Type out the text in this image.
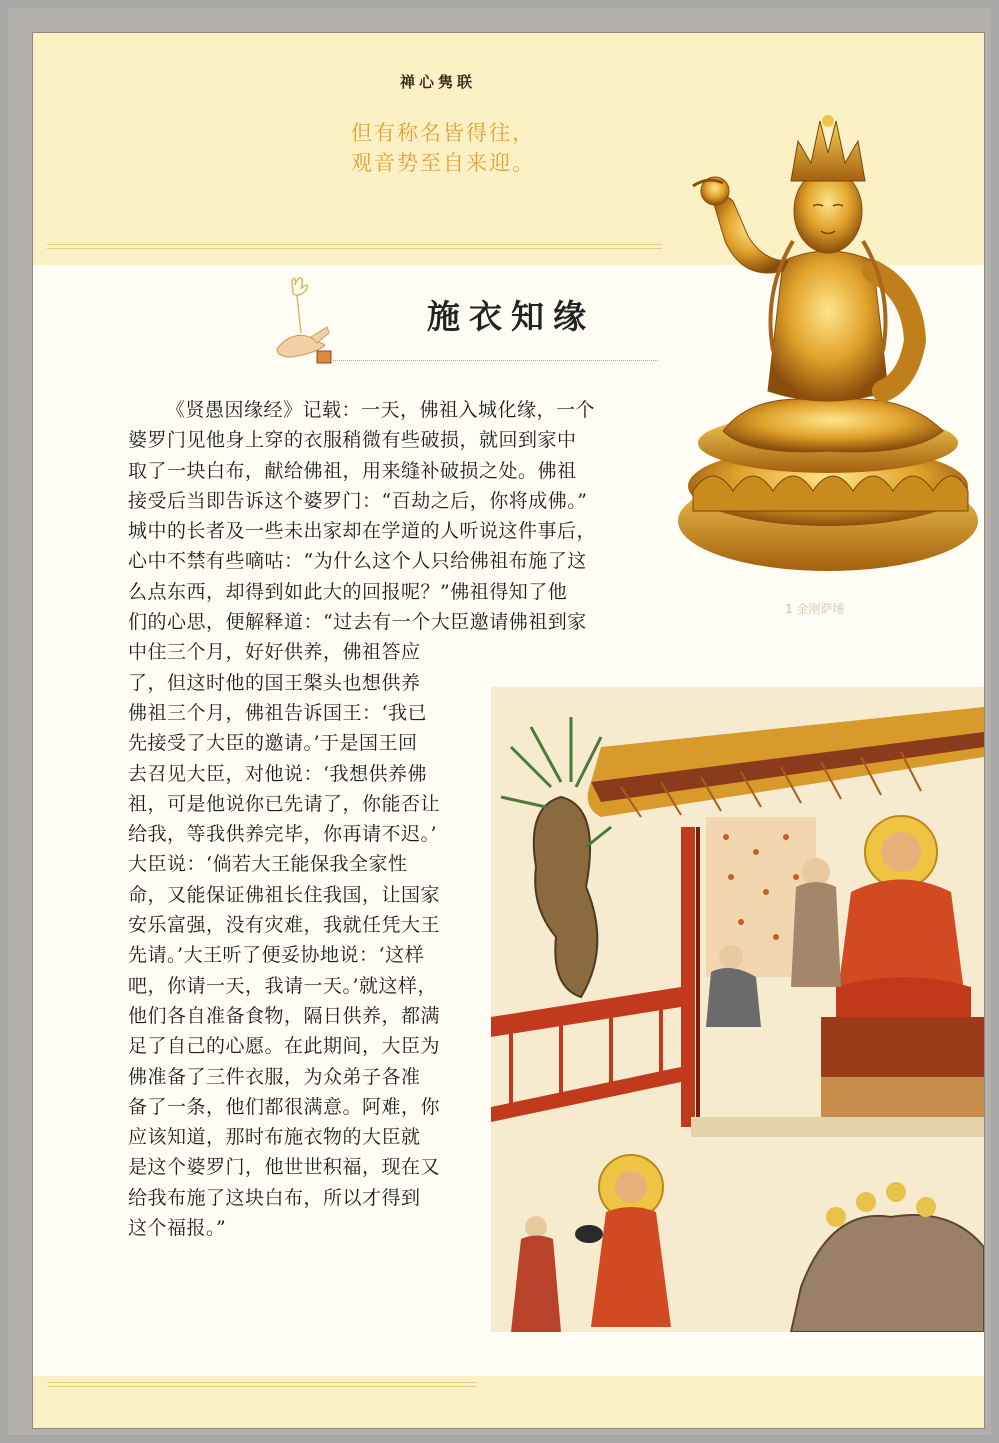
禅心隽联
但有称名皆得往，
观音势至自来迎。
施衣知缘
1 金刚萨埵
《贤愚因缘经》记载：一天，佛祖入城化缘，一个
婆罗门见他身上穿的衣服稍微有些破损，就回到家中
取了一块白布，献给佛祖，用来缝补破损之处。佛祖
接受后当即告诉这个婆罗门：“百劫之后，你将成佛。”
城中的长者及一些未出家却在学道的人听说这件事后，
心中不禁有些嘀咕：“为什么这个人只给佛祖布施了这
么点东西，却得到如此大的回报呢？”佛祖得知了他
们的心思，便解释道：“过去有一个大臣邀请佛祖到家
中住三个月，好好供养，佛祖答应
了，但这时他的国王槃头也想供养
佛祖三个月，佛祖告诉国王：‘我已
先接受了大臣的邀请。’于是国王回
去召见大臣，对他说：‘我想供养佛
祖，可是他说你已先请了，你能否让
给我，等我供养完毕，你再请不迟。’
大臣说：‘倘若大王能保我全家性
命，又能保证佛祖长住我国，让国家
安乐富强，没有灾难，我就任凭大王
先请。’大王听了便妥协地说：‘这样
吧，你请一天，我请一天。’就这样，
他们各自准备食物，隔日供养，都满
足了自己的心愿。在此期间，大臣为
佛准备了三件衣服，为众弟子各准
备了一条，他们都很满意。阿难，你
应该知道，那时布施衣物的大臣就
是这个婆罗门，他世世积福，现在又
给我布施了这块白布，所以才得到
这个福报。”
